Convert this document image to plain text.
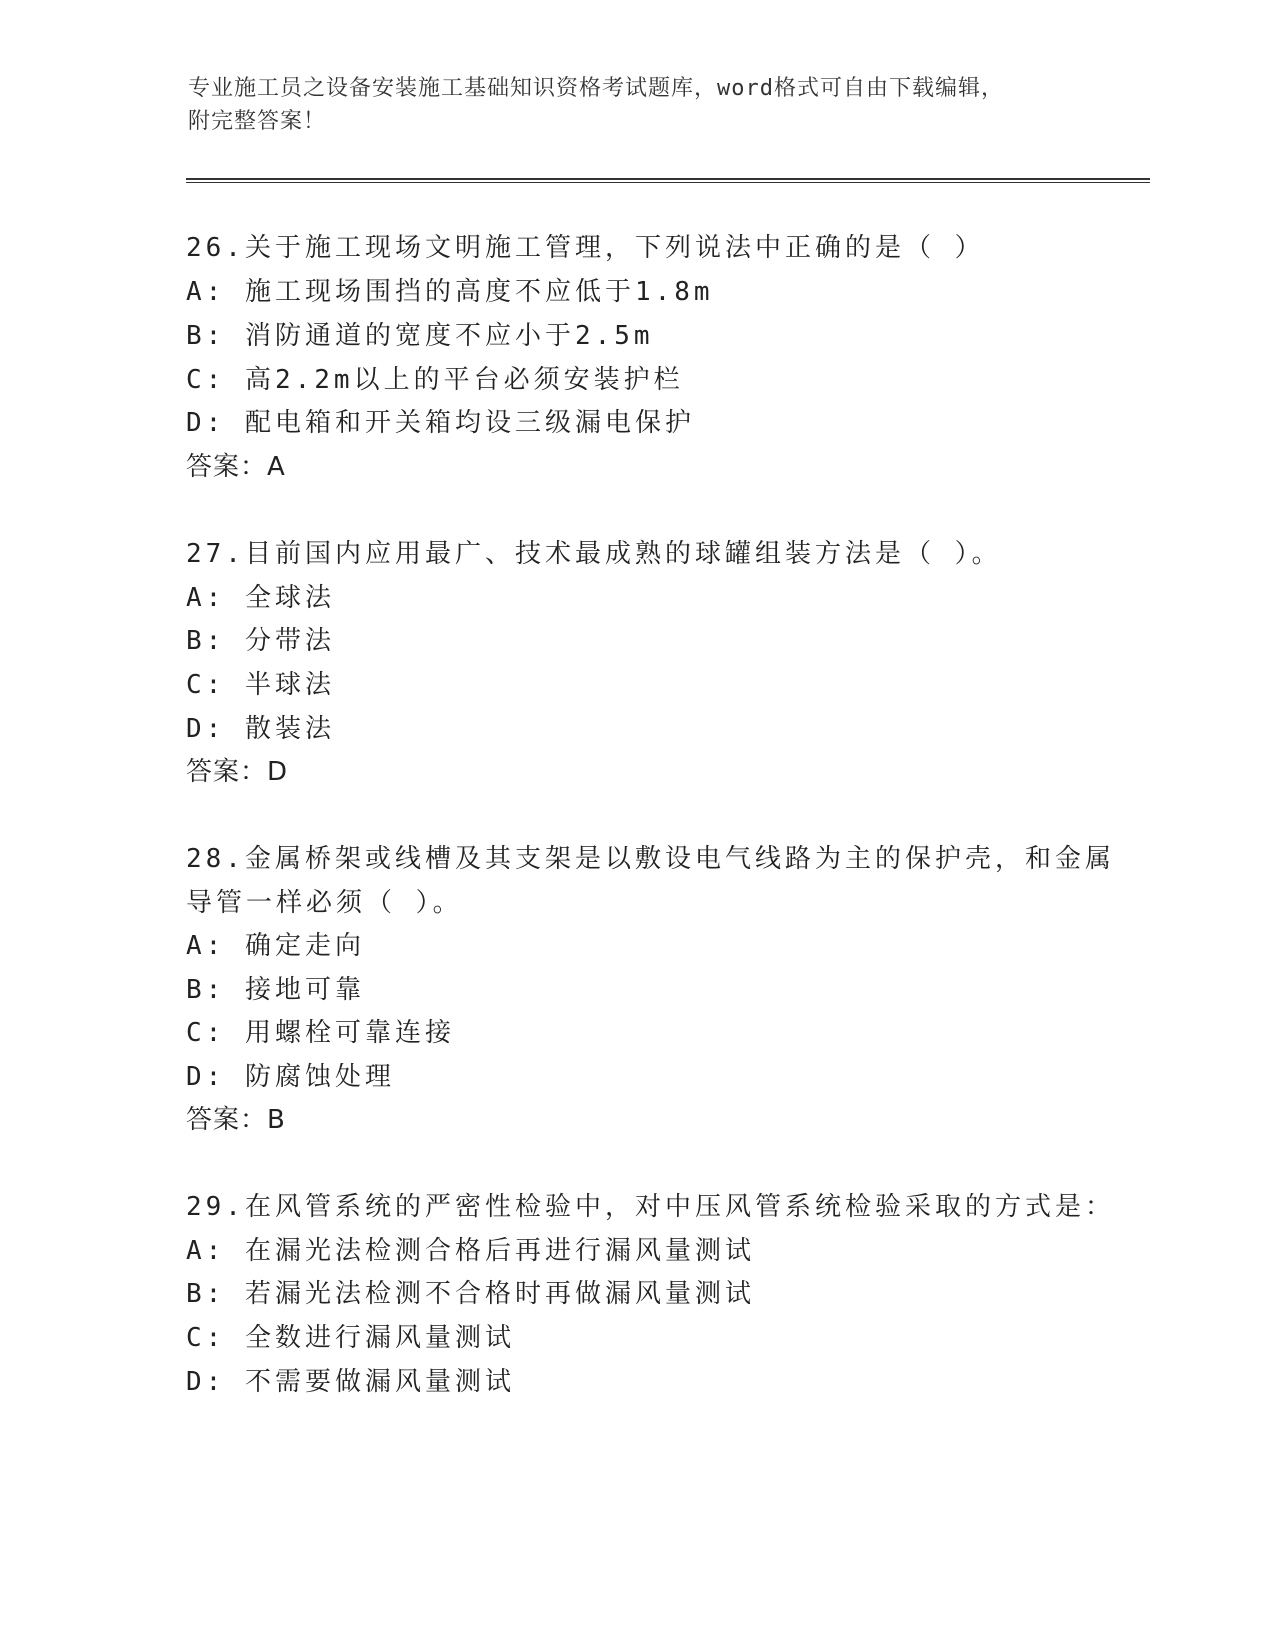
专业施工员之设备安装施工基础知识资格考试题库，word格式可自由下载编辑，
附完整答案！
26.关于施工现场文明施工管理，下列说法中正确的是（ ）
A: 施工现场围挡的高度不应低于1.8m
B: 消防通道的宽度不应小于2.5m
C: 高2.2m以上的平台必须安装护栏
D: 配电箱和开关箱均设三级漏电保护
答案：A
27.目前国内应用最广、技术最成熟的球罐组装方法是（ ）。
A: 全球法
B: 分带法
C: 半球法
D: 散装法
答案：D
28.金属桥架或线槽及其支架是以敷设电气线路为主的保护壳，和金属
导管一样必须（ ）。
A: 确定走向
B: 接地可靠
C: 用螺栓可靠连接
D: 防腐蚀处理
答案：B
29.在风管系统的严密性检验中，对中压风管系统检验采取的方式是：
A: 在漏光法检测合格后再进行漏风量测试
B: 若漏光法检测不合格时再做漏风量测试
C: 全数进行漏风量测试
D: 不需要做漏风量测试
